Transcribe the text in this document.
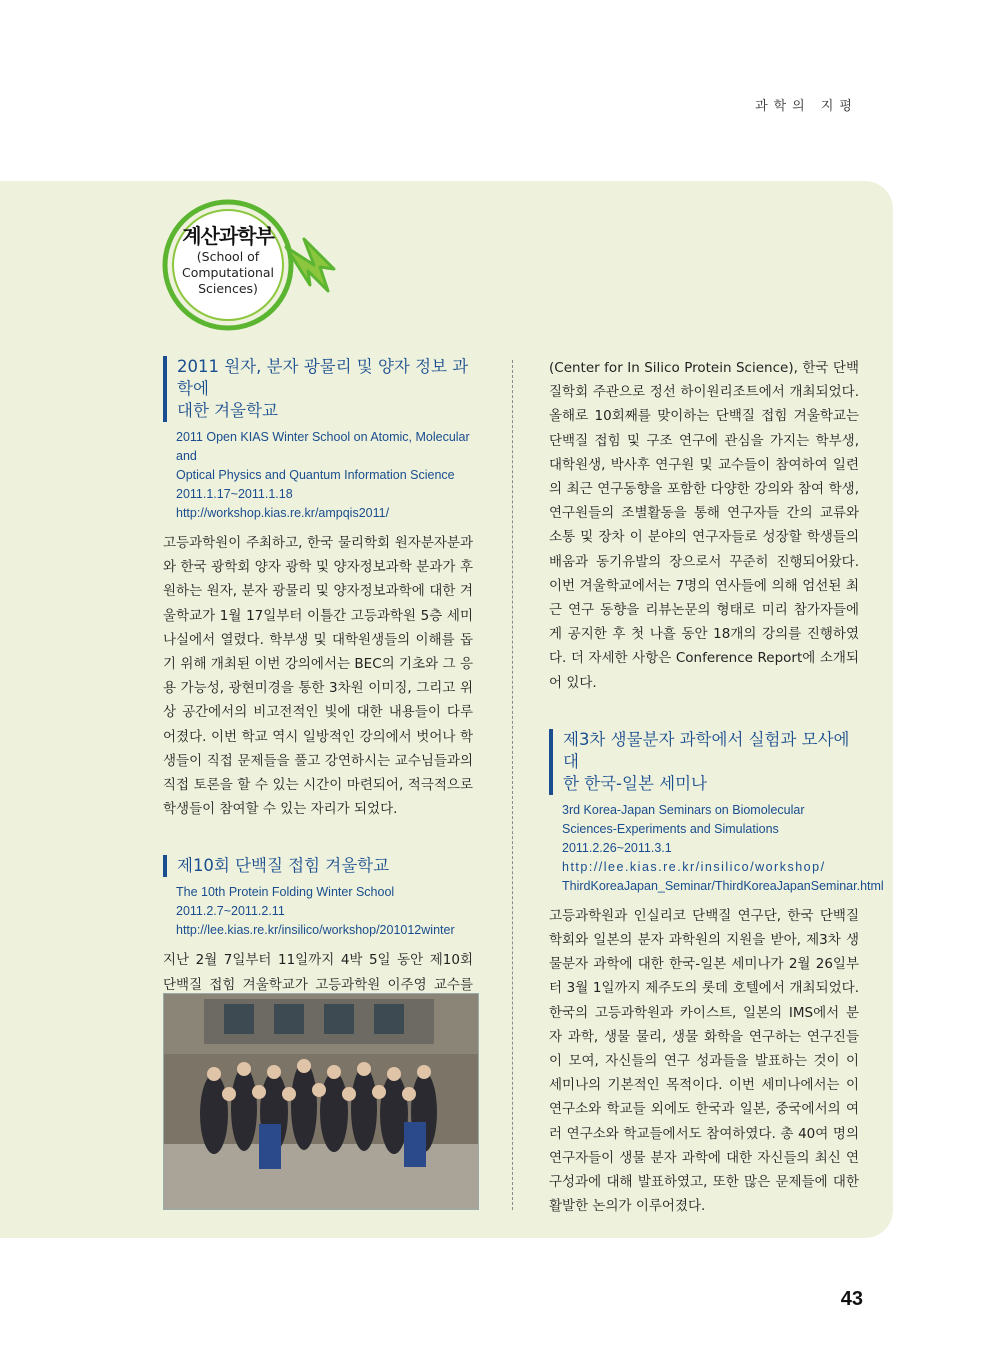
과학의 지평
계산과학부
(School of
Computational
Sciences)
2011 원자, 분자 광물리 및 양자 정보 과학에
대한 겨울학교
2011 Open KIAS Winter School on Atomic, Molecular and
Optical Physics and Quantum Information Science
2011.1.17~2011.1.18
http://workshop.kias.re.kr/ampqis2011/
고등과학원이 주최하고, 한국 물리학회 원자분자분과와 한국 광학회 양자 광학 및 양자정보과학 분과가 후원하는 원자, 분자 광물리 및 양자정보과학에 대한 겨울학교가 1월 17일부터 이틀간 고등과학원 5층 세미나실에서 열렸다. 학부생 및 대학원생들의 이해를 돕기 위해 개최된 이번 강의에서는 BEC의 기초와 그 응용 가능성, 광현미경을 통한 3차원 이미징, 그리고 위상 공간에서의 비고전적인 빛에 대한 내용들이 다루어졌다. 이번 학교 역시 일방적인 강의에서 벗어나 학생들이 직접 문제들을 풀고 강연하시는 교수님들과의 직접 토론을 할 수 있는 시간이 마련되어, 적극적으로 학생들이 참여할 수 있는 자리가 되었다.
제10회 단백질 접힘 겨울학교
The 10th Protein Folding Winter School
2011.2.7~2011.2.11
http://lee.kias.re.kr/insilico/workshop/201012winter
지난 2월 7일부터 11일까지 4박 5일 동안 제10회 단백질 접힘 겨울학교가 고등과학원 이주영 교수를
(Center for In Silico Protein Science), 한국 단백질학회 주관으로 정선 하이원리조트에서 개최되었다. 올해로 10회째를 맞이하는 단백질 접힘 겨울학교는 단백질 접힘 및 구조 연구에 관심을 가지는 학부생, 대학원생, 박사후 연구원 및 교수들이 참여하여 일련의 최근 연구동향을 포함한 다양한 강의와 참여 학생, 연구원들의 조별활동을 통해 연구자들 간의 교류와 소통 및 장차 이 분야의 연구자들로 성장할 학생들의 배움과 동기유발의 장으로서 꾸준히 진행되어왔다. 이번 겨울학교에서는 7명의 연사들에 의해 엄선된 최근 연구 동향을 리뷰논문의 형태로 미리 참가자들에게 공지한 후 첫 나흘 동안 18개의 강의를 진행하였다. 더 자세한 사항은 Conference Report에 소개되어 있다.
제3차 생물분자 과학에서 실험과 모사에 대
한 한국-일본 세미나
3rd Korea-Japan Seminars on Biomolecular
Sciences-Experiments and Simulations
2011.2.26~2011.3.1
http://lee.kias.re.kr/insilico/workshop/
ThirdKoreaJapan_Seminar/ThirdKoreaJapanSeminar.html
고등과학원과 인실리코 단백질 연구단, 한국 단백질학회와 일본의 분자 과학원의 지원을 받아, 제3차 생물분자 과학에 대한 한국-일본 세미나가 2월 26일부터 3월 1일까지 제주도의 롯데 호텔에서 개최되었다. 한국의 고등과학원과 카이스트, 일본의 IMS에서 분자 과학, 생물 물리, 생물 화학을 연구하는 연구진들이 모여, 자신들의 연구 성과들을 발표하는 것이 이 세미나의 기본적인 목적이다. 이번 세미나에서는 이 연구소와 학교들 외에도 한국과 일본, 중국에서의 여러 연구소와 학교들에서도 참여하였다. 총 40여 명의 연구자들이 생물 분자 과학에 대한 자신들의 최신 연구성과에 대해 발표하였고, 또한 많은 문제들에 대한 활발한 논의가 이루어졌다.
43
